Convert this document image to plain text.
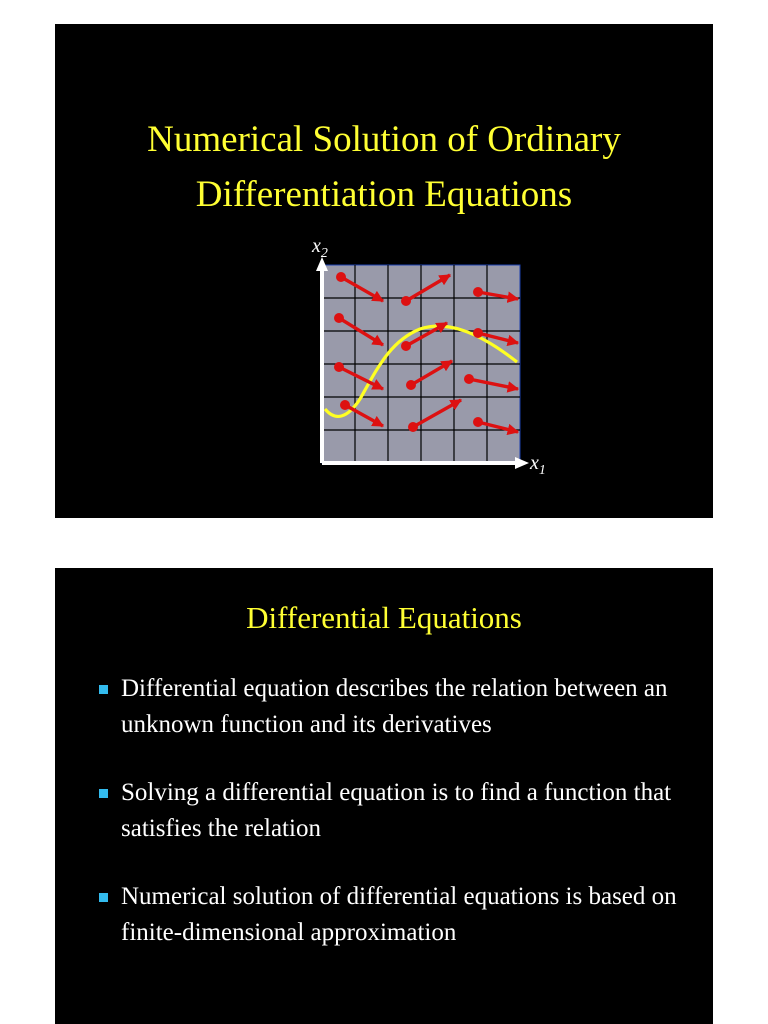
Numerical Solution of Ordinary
Differentiation Equations
$x_2$
$x_1$
Differential Equations
Differential equation describes the relation between an unknown function and its derivatives
Solving a differential equation is to find a function that satisfies the relation
Numerical solution of differential equations is based on finite-dimensional approximation
